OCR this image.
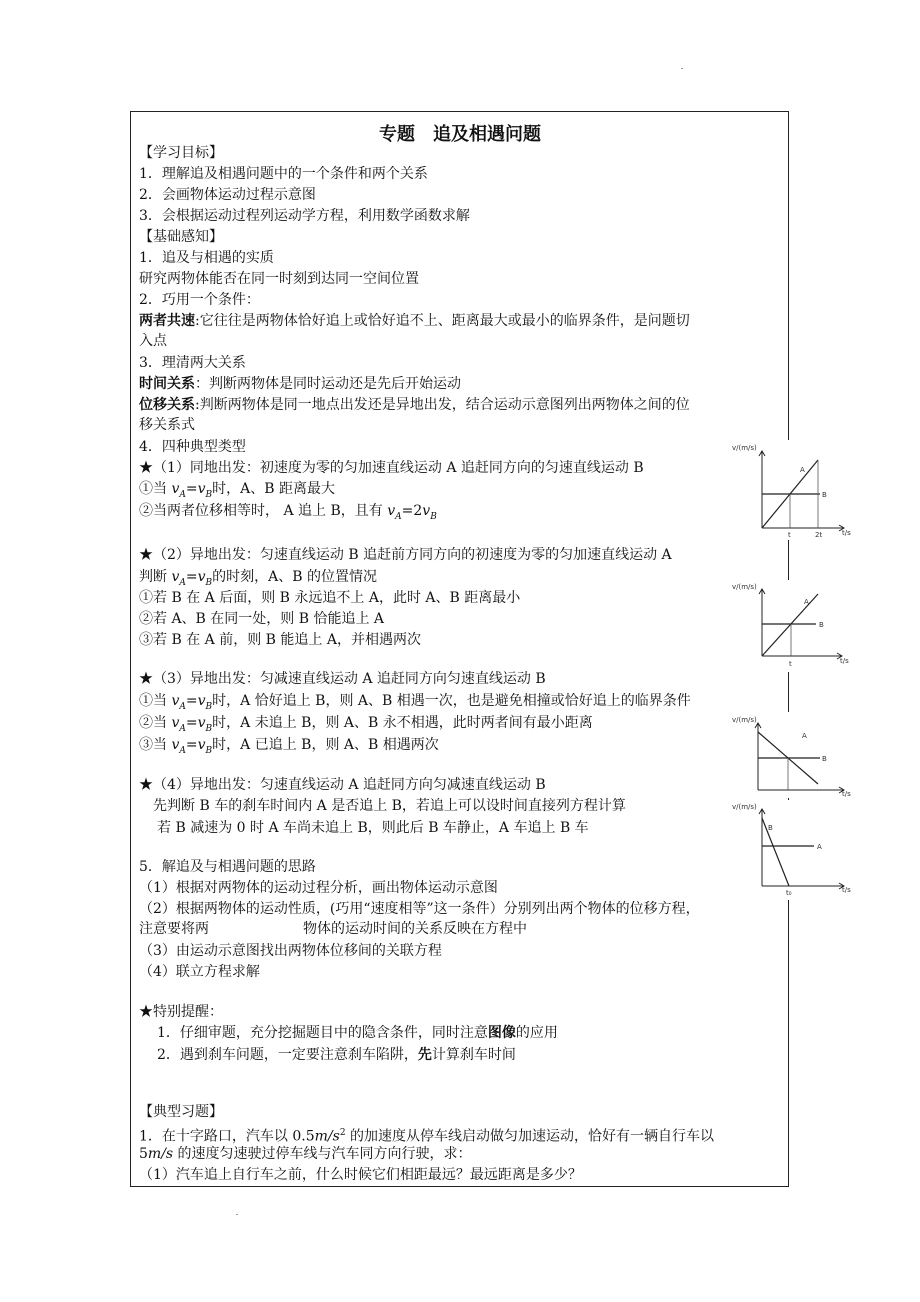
专题　追及相遇问题
【学习目标】
1．理解追及相遇问题中的一个条件和两个关系
2．会画物体运动过程示意图
3．会根据运动过程列运动学方程，利用数学函数求解
【基础感知】
1．追及与相遇的实质
研究两物体能否在同一时刻到达同一空间位置
2．巧用一个条件：
两者共速:它往往是两物体恰好追上或恰好追不上、距离最大或最小的临界条件，是问题切
入点
3．理清两大关系
时间关系：判断两物体是同时运动还是先后开始运动
位移关系:判断两物体是同一地点出发还是异地出发，结合运动示意图列出两物体之间的位
移关系式
4．四种典型类型
★（1）同地出发：初速度为零的匀加速直线运动 A 追赶同方向的匀速直线运动 B
①当 $v_A=v_B$时，A、B 距离最大
②当两者位移相等时， A 追上 B，且有 $v_A=2v_B$
★（2）异地出发：匀速直线运动 B 追赶前方同方向的初速度为零的匀加速直线运动 A
判断 $v_A=v_B$的时刻，A、B 的位置情况
①若 B 在 A 后面，则 B 永远追不上 A，此时 A、B 距离最小
②若 A、B 在同一处，则 B 恰能追上 A
③若 B 在 A 前，则 B 能追上 A，并相遇两次
★（3）异地出发：匀减速直线运动 A 追赶同方向匀速直线运动 B
①当 $v_A=v_B$时，A 恰好追上 B，则 A、B 相遇一次，也是避免相撞或恰好追上的临界条件
②当 $v_A=v_B$时，A 未追上 B，则 A、B 永不相遇，此时两者间有最小距离
③当 $v_A=v_B$时，A 已追上 B，则 A、B 相遇两次
★（4）异地出发：匀速直线运动 A 追赶同方向匀减速直线运动 B
先判断 B 车的刹车时间内 A 是否追上 B，若追上可以设时间直接列方程计算
若 B 减速为 0 时 A 车尚未追上 B，则此后 B 车静止，A 车追上 B 车
5．解追及与相遇问题的思路
（1）根据对两物体的运动过程分析，画出物体运动示意图
（2）根据两物体的运动性质，(巧用“速度相等”这一条件）分别列出两个物体的位移方程，
注意要将两	物体的运动时间的关系反映在方程中
（3）由运动示意图找出两物体位移间的关联方程
（4）联立方程求解
★特别提醒：
1．仔细审题，充分挖掘题目中的隐含条件，同时注意图像的应用
2．遇到刹车问题，一定要注意刹车陷阱，先计算刹车时间
【典型习题】
1．在十字路口，汽车以 $0.5m/s^2$ 的加速度从停车线启动做匀加速运动，恰好有一辆自行车以
5m/s 的速度匀速驶过停车线与汽车同方向行驶，求：
（1）汽车追上自行车之前，什么时候它们相距最远？最远距离是多少？
v/(m/s)
t/s
A
B
t	2t
v/(m/s)
t/s
A
B
t
v/(m/s)
t/s
A
B
v/(m/s)
t/s
B
A
t₀
